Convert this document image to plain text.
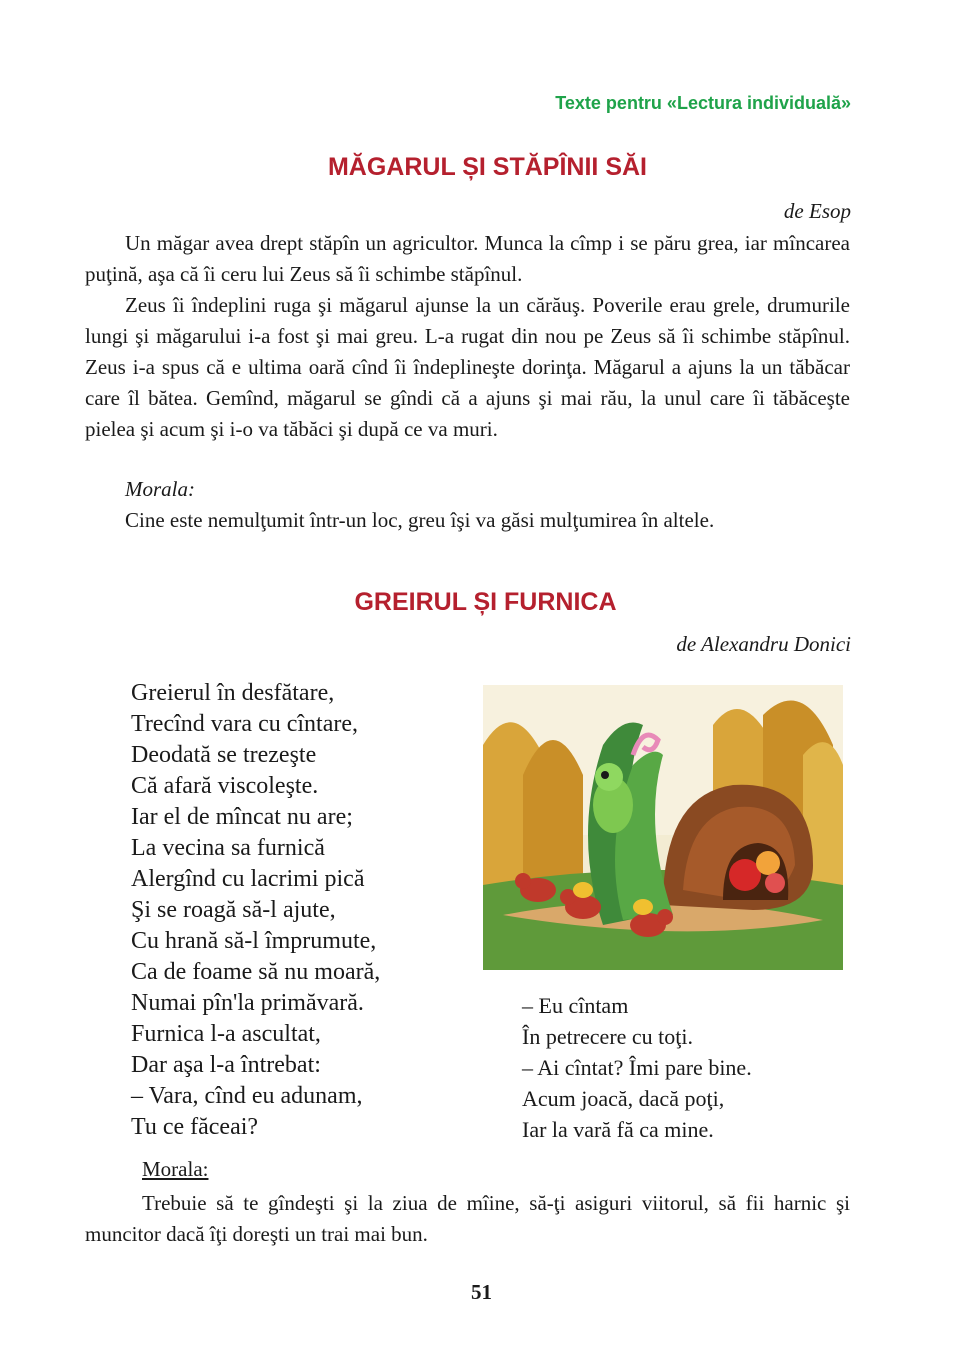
Texte pentru «Lectura individuală»
MĂGARUL ȘI STĂPÎNII SĂI
de Esop

Un măgar avea drept stăpîn un agricultor. Munca la cîmp i se păru grea, iar mîncarea puţină, aşa că îi ceru lui Zeus să îi schimbe stăpînul.

Zeus îi îndeplini ruga şi măgarul ajunse la un cărăuş. Poverile erau grele, drumurile lungi şi măgarului i-a fost şi mai greu. L-a rugat din nou pe Zeus să îi schimbe stăpînul. Zeus i-a spus că e ultima oară cînd îi îndeplineşte dorinţa. Măgarul a ajuns la un tăbăcar care îl bătea. Gemînd, măgarul se gîndi că a ajuns şi mai rău, la unul care îi tăbăceşte pielea şi acum şi i-o va tăbăci şi după ce va muri.

Morala:
Cine este nemulţumit într-un loc, greu îşi va găsi mulţumirea în altele.
GREIRUL ȘI FURNICA
de Alexandru Donici
Greierul în desfătare,
Trecînd vara cu cîntare,
Deodată se trezeşte
Că afară viscoleşte.
Iar el de mîncat nu are;
La vecina sa furnică
Alergînd cu lacrimi pică
Şi se roagă să-l ajute,
Cu hrană să-l împrumute,
Ca de foame să nu moară,
Numai pîn'la primăvară.
Furnica l-a ascultat,
Dar aşa l-a întrebat:
– Vara, cînd eu adunam,
Tu ce făceai?
– Eu cîntam
În petrecere cu toţi.
– Ai cîntat? Îmi pare bine.
Acum joacă, dacă poţi,
Iar la vară fă ca mine.
Morala:

Trebuie să te gîndeşti şi la ziua de mîine, să-ţi asiguri viitorul, să fii harnic şi muncitor dacă îţi doreşti un trai mai bun.

51
